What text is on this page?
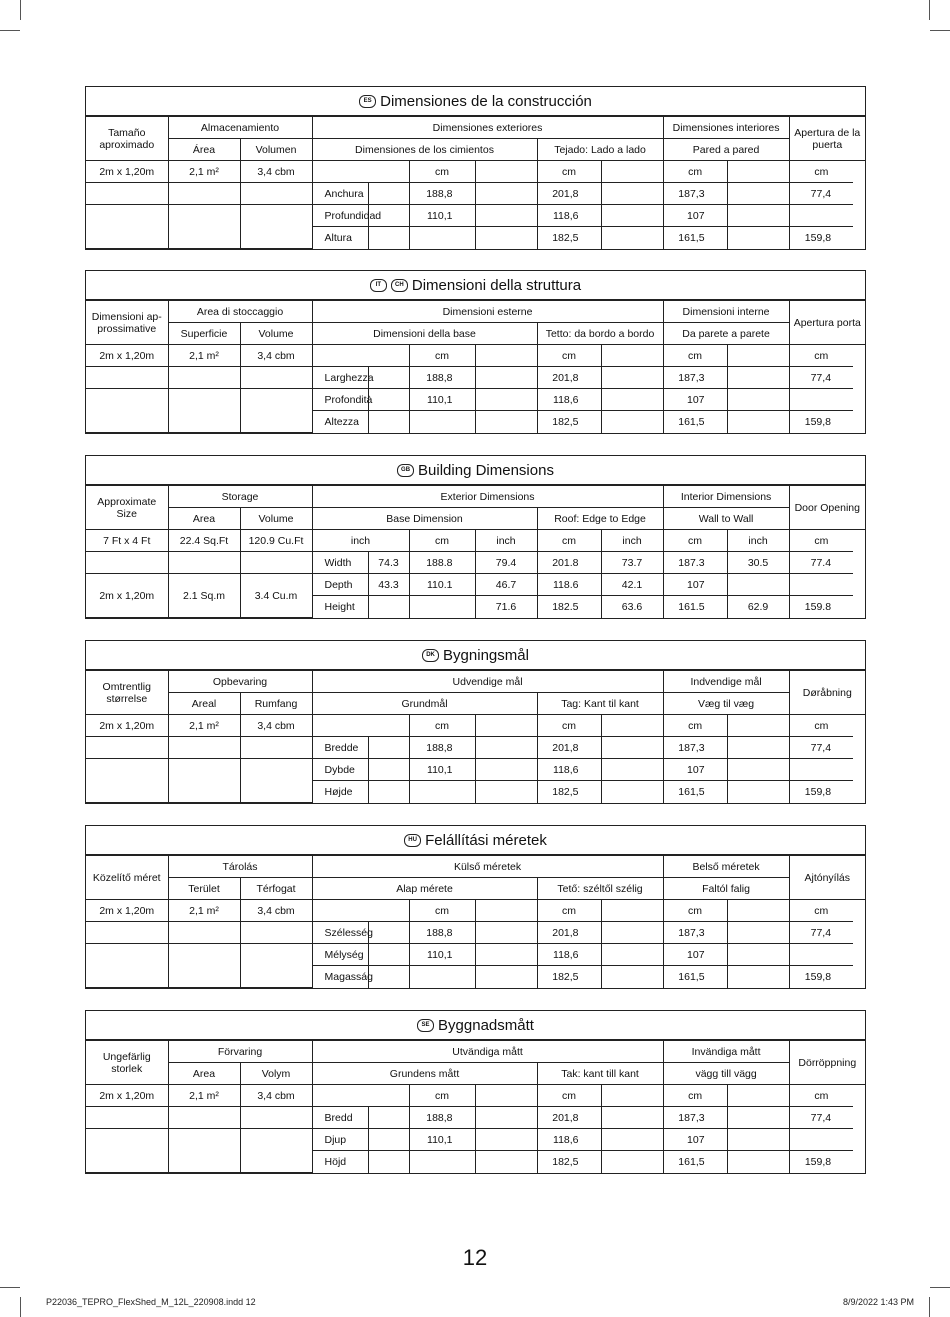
ES Dimensiones de la construcción
Tamaño aproximado	Almacenamiento		Dimensiones exteriores						Dimensiones interiores		Apertura de la puerta
	Área	Volumen	Dimensiones de los cimientos				Tejado: Lado a lado		Pared a pared		
2m x 1,20m	2,1 m²	3,4 cbm			cm		cm		cm		cm
			Anchura		188,8		201,8		187,3		77,4
			Profundidad		110,1		118,6		107		
			Altura				182,5		161,5		159,8
IT	CH Dimensioni della struttura
Dimensioni ap- prossimative	Area di stoccaggio		Dimensioni esterne						Dimensioni interne		Apertura porta
	Superficie	Volume	Dimensioni della base				Tetto: da bordo a bordo		Da parete a parete		
2m x 1,20m	2,1 m²	3,4 cbm			cm		cm		cm		cm
			Larghezza		188,8		201,8		187,3		77,4
			Profondità		110,1		118,6		107		
			Altezza				182,5		161,5		159,8
GB Building Dimensions
Approximate Size	Storage		Exterior Dimensions						Interior Dimensions		Door Opening
	Area	Volume	Base Dimension				Roof: Edge to Edge		Wall to Wall		
7 Ft x 4 Ft	22.4 Sq.Ft	120.9 Cu.Ft	inch		cm	inch	cm	inch	cm	inch	cm
			Width	74.3	188.8	79.4	201.8	73.7	187.3	30.5	77.4
2m x 1,20m	2.1 Sq.m	3.4 Cu.m	Depth	43.3	110.1	46.7	118.6	42.1	107		
			Height			71.6	182.5	63.6	161.5	62.9	159.8
DK Bygningsmål
Omtrentlig størrelse	Opbevaring		Udvendige mål						Indvendige mål		Døråbning
	Areal	Rumfang	Grundmål				Tag: Kant til kant		Væg til væg		
2m x 1,20m	2,1 m²	3,4 cbm			cm		cm		cm		cm
			Bredde		188,8		201,8		187,3		77,4
			Dybde		110,1		118,6		107		
			Højde				182,5		161,5		159,8
HU Felállítási méretek
Közelítő méret	Tárolás		Külső méretek						Belső méretek		Ajtónyílás
	Terület	Térfogat	Alap mérete				Tető: széltől szélig		Faltól falig		
2m x 1,20m	2,1 m²	3,4 cbm			cm		cm		cm		cm
			Szélesség		188,8		201,8		187,3		77,4
			Mélység		110,1		118,6		107		
			Magasság				182,5		161,5		159,8
SE Byggnadsmått
Ungefärlig storlek	Förvaring		Utvändiga mått						Invändiga mått		Dörröppning
	Area	Volym	Grundens mått				Tak: kant till kant		vägg till vägg		
2m x 1,20m	2,1 m²	3,4 cbm			cm		cm		cm		cm
			Bredd		188,8		201,8		187,3		77,4
			Djup		110,1		118,6		107		
			Höjd				182,5		161,5		159,8
12
P22036_TEPRO_FlexShed_M_12L_220908.indd 12	8/9/2022 1:43 PM
